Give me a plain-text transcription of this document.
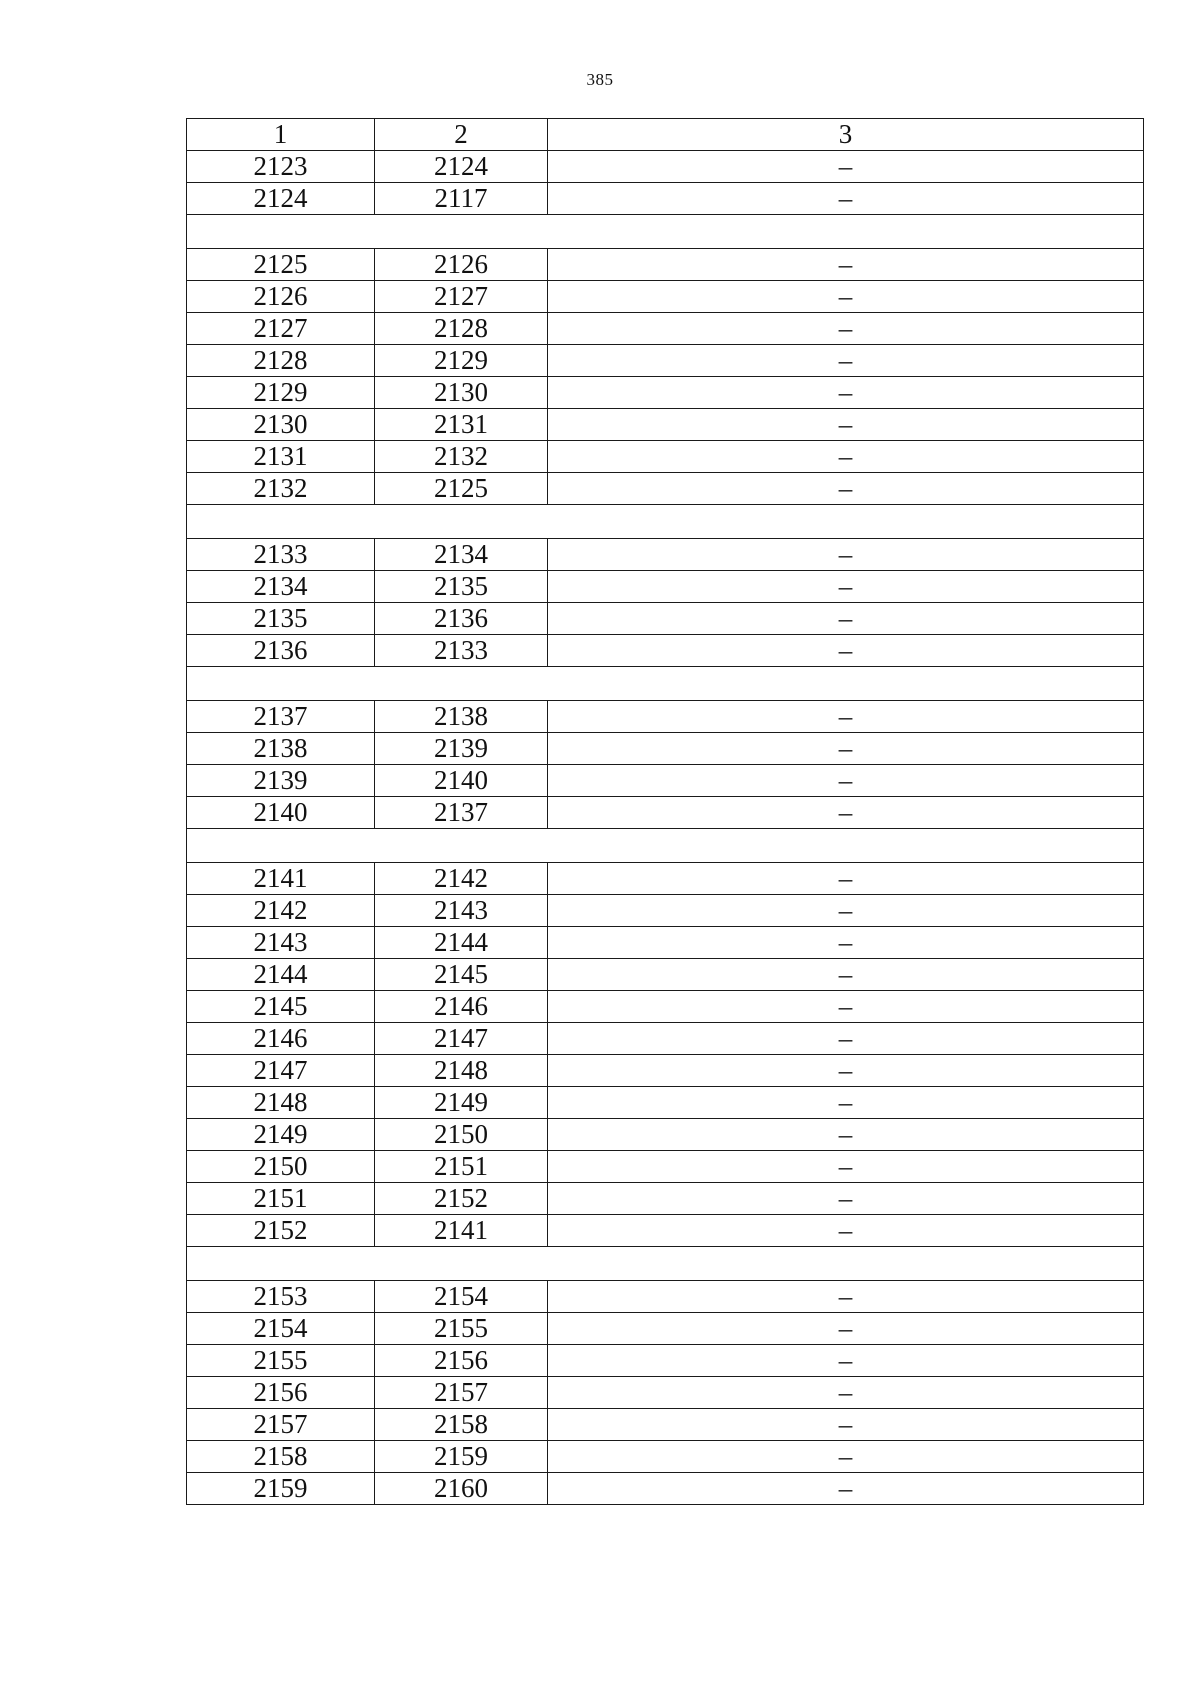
385
1	2	3
2123	2124	–
2124	2117	–

2125	2126	–
2126	2127	–
2127	2128	–
2128	2129	–
2129	2130	–
2130	2131	–
2131	2132	–
2132	2125	–

2133	2134	–
2134	2135	–
2135	2136	–
2136	2133	–

2137	2138	–
2138	2139	–
2139	2140	–
2140	2137	–

2141	2142	–
2142	2143	–
2143	2144	–
2144	2145	–
2145	2146	–
2146	2147	–
2147	2148	–
2148	2149	–
2149	2150	–
2150	2151	–
2151	2152	–
2152	2141	–

2153	2154	–
2154	2155	–
2155	2156	–
2156	2157	–
2157	2158	–
2158	2159	–
2159	2160	–
